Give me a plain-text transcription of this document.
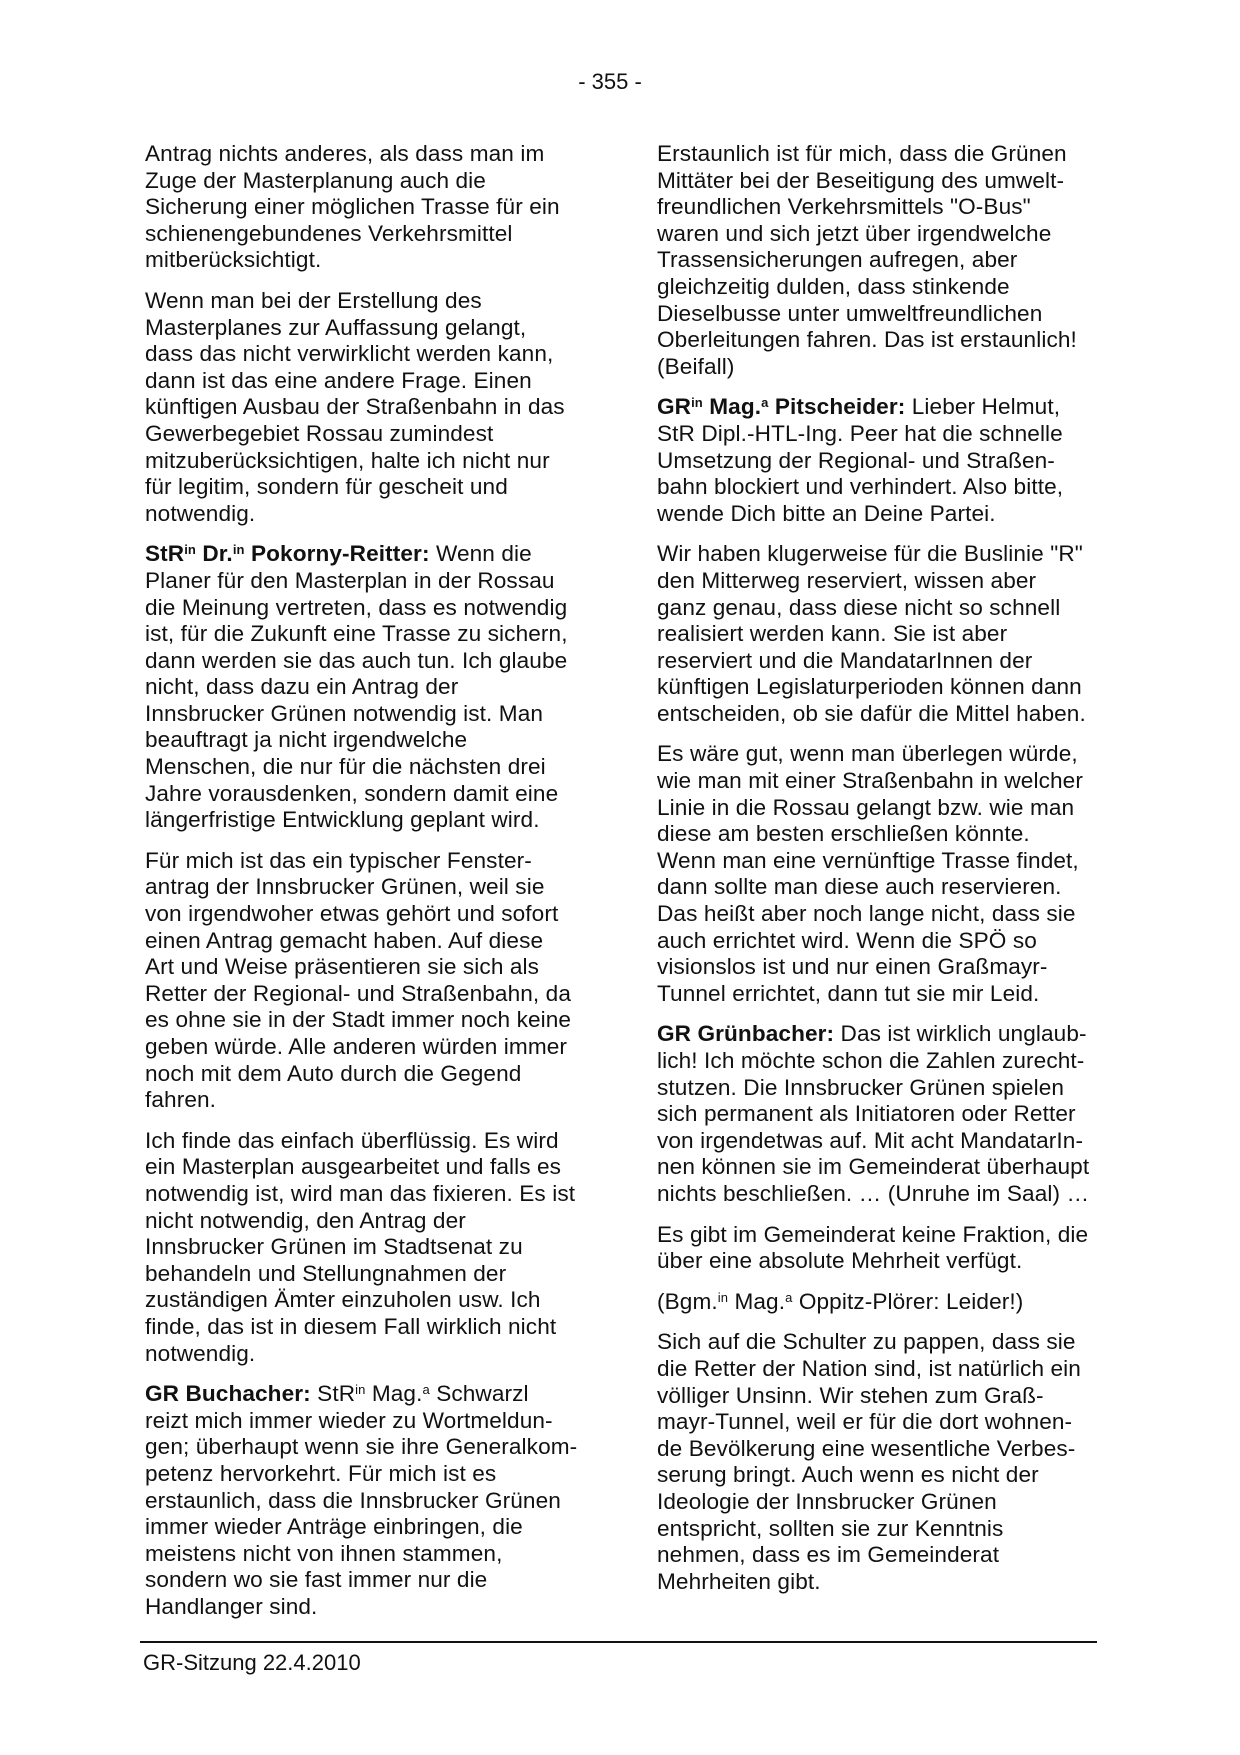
- 355 -

Antrag nichts anderes, als dass man im
Zuge der Masterplanung auch die
Sicherung einer möglichen Trasse für ein
schienengebundenes Verkehrsmittel
mitberücksichtigt.

Wenn man bei der Erstellung des
Masterplanes zur Auffassung gelangt,
dass das nicht verwirklicht werden kann,
dann ist das eine andere Frage. Einen
künftigen Ausbau der Straßenbahn in das
Gewerbegebiet Rossau zumindest
mitzuberücksichtigen, halte ich nicht nur
für legitim, sondern für gescheit und
notwendig.

StR$^{in}$ Dr.$^{in}$ Pokorny-Reitter: Wenn die
Planer für den Masterplan in der Rossau
die Meinung vertreten, dass es notwendig
ist, für die Zukunft eine Trasse zu sichern,
dann werden sie das auch tun. Ich glaube
nicht, dass dazu ein Antrag der
Innsbrucker Grünen notwendig ist. Man
beauftragt ja nicht irgendwelche
Menschen, die nur für die nächsten drei
Jahre vorausdenken, sondern damit eine
längerfristige Entwicklung geplant wird.

Für mich ist das ein typischer Fenster-
antrag der Innsbrucker Grünen, weil sie
von irgendwoher etwas gehört und sofort
einen Antrag gemacht haben. Auf diese
Art und Weise präsentieren sie sich als
Retter der Regional- und Straßenbahn, da
es ohne sie in der Stadt immer noch keine
geben würde. Alle anderen würden immer
noch mit dem Auto durch die Gegend
fahren.

Ich finde das einfach überflüssig. Es wird
ein Masterplan ausgearbeitet und falls es
notwendig ist, wird man das fixieren. Es ist
nicht notwendig, den Antrag der
Innsbrucker Grünen im Stadtsenat zu
behandeln und Stellungnahmen der
zuständigen Ämter einzuholen usw. Ich
finde, das ist in diesem Fall wirklich nicht
notwendig.

GR Buchacher: StR$^{in}$ Mag.$^a$ Schwarzl
reizt mich immer wieder zu Wortmeldun-
gen; überhaupt wenn sie ihre Generalkom-
petenz hervorkehrt. Für mich ist es
erstaunlich, dass die Innsbrucker Grünen
immer wieder Anträge einbringen, die
meistens nicht von ihnen stammen,
sondern wo sie fast immer nur die
Handlanger sind.

Erstaunlich ist für mich, dass die Grünen
Mittäter bei der Beseitigung des umwelt-
freundlichen Verkehrsmittels "O-Bus"
waren und sich jetzt über irgendwelche
Trassensicherungen aufregen, aber
gleichzeitig dulden, dass stinkende
Dieselbusse unter umweltfreundlichen
Oberleitungen fahren. Das ist erstaunlich!
(Beifall)

$GR^{in}$ Mag.$^a$ Pitscheider: Lieber Helmut,
StR Dipl.-HTL-Ing. Peer hat die schnelle
Umsetzung der Regional- und Straßen-
bahn blockiert und verhindert. Also bitte,
wende Dich bitte an Deine Partei.

Wir haben klugerweise für die Buslinie "R"
den Mitterweg reserviert, wissen aber
ganz genau, dass diese nicht so schnell
realisiert werden kann. Sie ist aber
reserviert und die MandatarInnen der
künftigen Legislaturperioden können dann
entscheiden, ob sie dafür die Mittel haben.

Es wäre gut, wenn man überlegen würde,
wie man mit einer Straßenbahn in welcher
Linie in die Rossau gelangt bzw. wie man
diese am besten erschließen könnte.
Wenn man eine vernünftige Trasse findet,
dann sollte man diese auch reservieren.
Das heißt aber noch lange nicht, dass sie
auch errichtet wird. Wenn die SPÖ so
visionslos ist und nur einen Graßmayr-
Tunnel errichtet, dann tut sie mir Leid.

GR Grünbacher: Das ist wirklich unglaub-
lich! Ich möchte schon die Zahlen zurecht-
stutzen. Die Innsbrucker Grünen spielen
sich permanent als Initiatoren oder Retter
von irgendetwas auf. Mit acht MandatarIn-
nen können sie im Gemeinderat überhaupt
nichts beschließen. … (Unruhe im Saal) …

Es gibt im Gemeinderat keine Fraktion, die
über eine absolute Mehrheit verfügt.

(Bgm.$^{in}$ Mag.$^a$ Oppitz-Plörer: Leider!)

Sich auf die Schulter zu pappen, dass sie
die Retter der Nation sind, ist natürlich ein
völliger Unsinn. Wir stehen zum Graß-
mayr-Tunnel, weil er für die dort wohnen-
de Bevölkerung eine wesentliche Verbes-
serung bringt. Auch wenn es nicht der
Ideologie der Innsbrucker Grünen
entspricht, sollten sie zur Kenntnis
nehmen, dass es im Gemeinderat
Mehrheiten gibt.

GR-Sitzung 22.4.2010
